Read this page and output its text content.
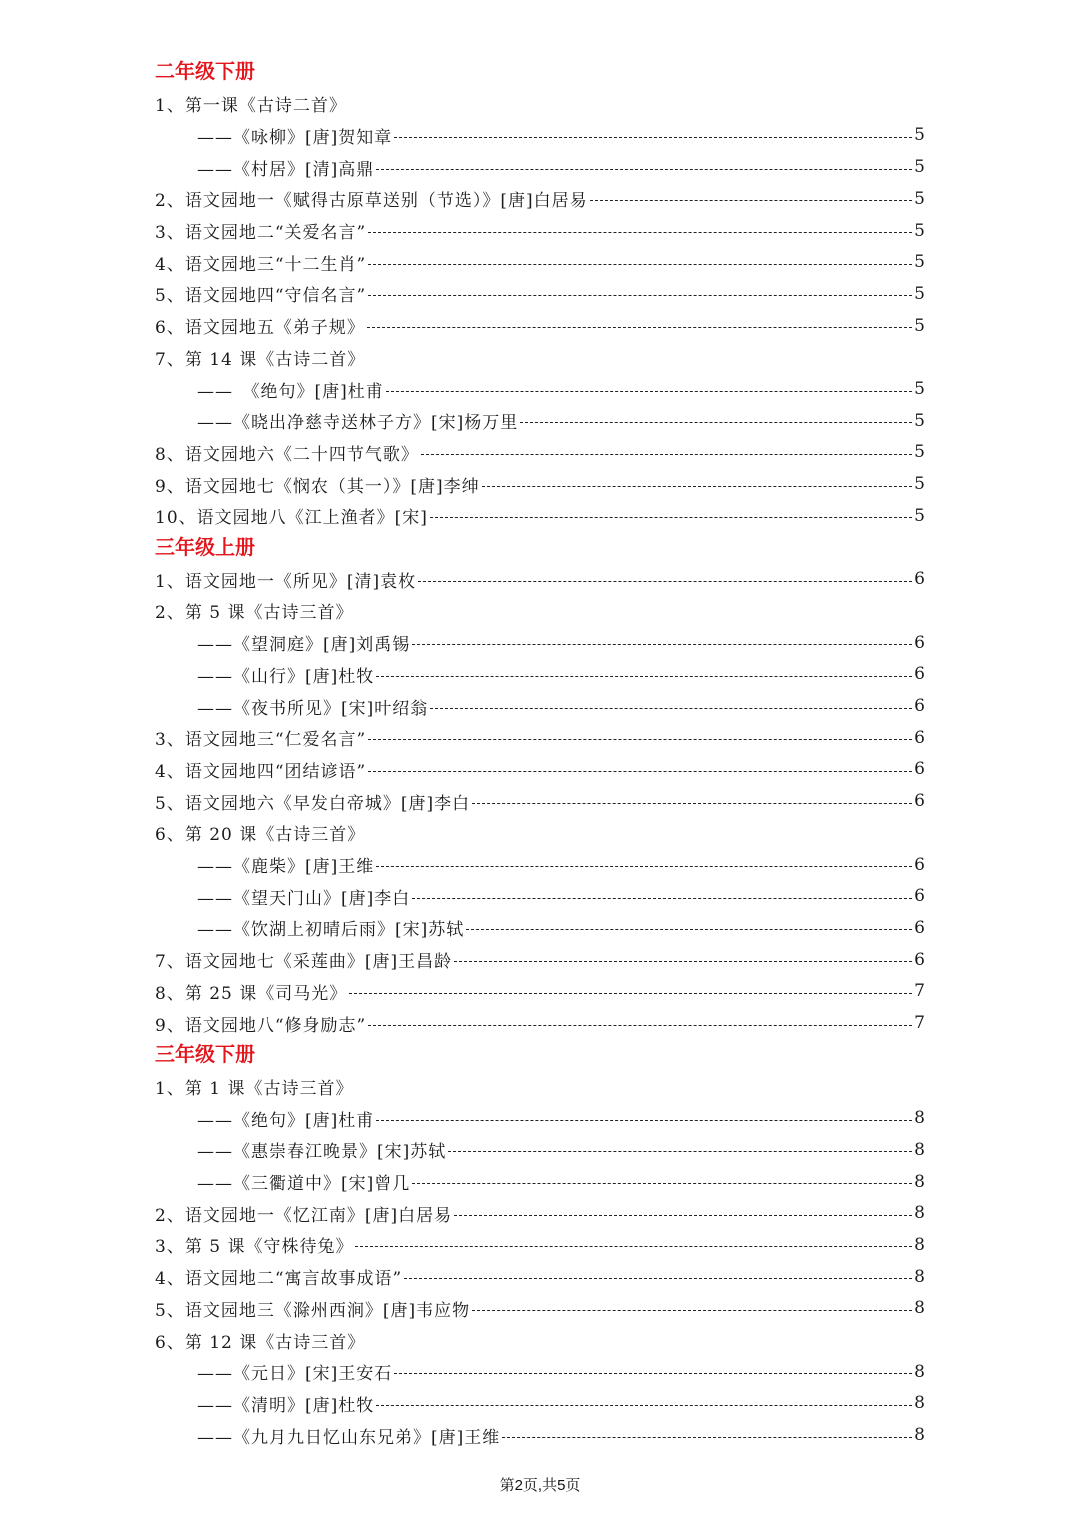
二年级下册
1、第一课《古诗二首》
——《咏柳》[唐]贺知章	5
——《村居》[清]高鼎	5
2、语文园地一《赋得古原草送别（节选）》[唐]白居易	5
3、语文园地二“关爱名言”	5
4、语文园地三“十二生肖”	5
5、语文园地四“守信名言”	5
6、语文园地五《弟子规》	5
7、第 14 课《古诗二首》
——　《绝句》[唐]杜甫	5
——《晓出净慈寺送林子方》[宋]杨万里	5
8、语文园地六《二十四节气歌》	5
9、语文园地七《悯农（其一）》[唐]李绅	5
10、语文园地八《江上渔者》[宋]	5
三年级上册
1、语文园地一《所见》[清]袁枚	6
2、第 5 课《古诗三首》
——《望洞庭》[唐]刘禹锡	6
——《山行》[唐]杜牧	6
——《夜书所见》[宋]叶绍翁	6
3、语文园地三“仁爱名言”	6
4、语文园地四“团结谚语”	6
5、语文园地六《早发白帝城》[唐]李白	6
6、第 20 课《古诗三首》
——《鹿柴》[唐]王维	6
——《望天门山》[唐]李白	6
——《饮湖上初晴后雨》[宋]苏轼	6
7、语文园地七《采莲曲》[唐]王昌龄	6
8、第 25 课《司马光》	7
9、语文园地八“修身励志”	7
三年级下册
1、第 1 课《古诗三首》
——《绝句》[唐]杜甫	8
——《惠崇春江晚景》[宋]苏轼	8
——《三衢道中》[宋]曾几	8
2、语文园地一《忆江南》[唐]白居易	8
3、第 5 课《守株待兔》	8
4、语文园地二“寓言故事成语”	8
5、语文园地三《滁州西涧》[唐]韦应物	8
6、第 12 课《古诗三首》
——《元日》[宋]王安石	8
——《清明》[唐]杜牧	8
——《九月九日忆山东兄弟》[唐]王维	8
第2页,共5页
